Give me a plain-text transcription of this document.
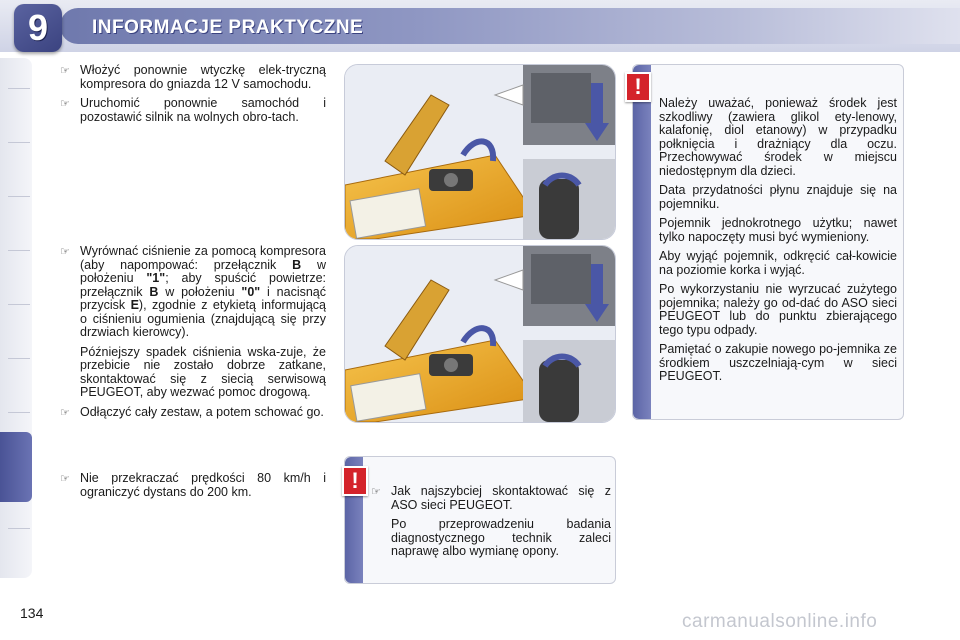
9	INFORMACJE PRAKTYCZNE
☞ Włożyć ponownie wtyczkę elek-tryczną kompresora do gniazda 12 V samochodu.
☞ Uruchomić ponownie samochód i pozostawić silnik na wolnych obro-tach.
☞ Wyrównać ciśnienie za pomocą kompresora (aby napompować: przełącznik B w położeniu "1"; aby spuścić powietrze: przełącznik B w położeniu "0" i nacisnąć przycisk E), zgodnie z etykietą informującą o ciśnieniu ogumienia (znajdującą się przy drzwiach kierowcy).
Późniejszy spadek ciśnienia wska-zuje, że przebicie nie zostało dobrze zatkane, skontaktować się z siecią serwisową PEUGEOT, aby wezwać pomoc drogową.
☞ Odłączyć cały zestaw, a potem schować go.
☞ Nie przekraczać prędkości 80 km/h i ograniczyć dystans do 200 km.

Należy uważać, ponieważ środek jest szkodliwy (zawiera glikol ety-lenowy, kalafonię, diol etanowy) w przypadku połknięcia i drażniący dla oczu. Przechowywać środek w miejscu niedostępnym dla dzieci.

Data przydatności płynu znajduje się na pojemniku.

Pojemnik jednokrotnego użytku; nawet tylko napoczęty musi być wymieniony.

Aby wyjąć pojemnik, odkręcić cał-kowicie na poziomie korka i wyjąć.

Po wykorzystaniu nie wyrzucać zużytego pojemnika; należy go od-dać do ASO sieci PEUGEOT lub do punktu zbierającego tego typu odpady.

Pamiętać o zakupie nowego po-jemnika ze środkiem uszczelniają-cym w sieci PEUGEOT.

!
☞ Jak najszybciej skontaktować się z ASO sieci PEUGEOT.

Po przeprowadzeniu badania diagnostycznego technik zaleci naprawę albo wymianę opony.

!
134	carmanualsonline.info
